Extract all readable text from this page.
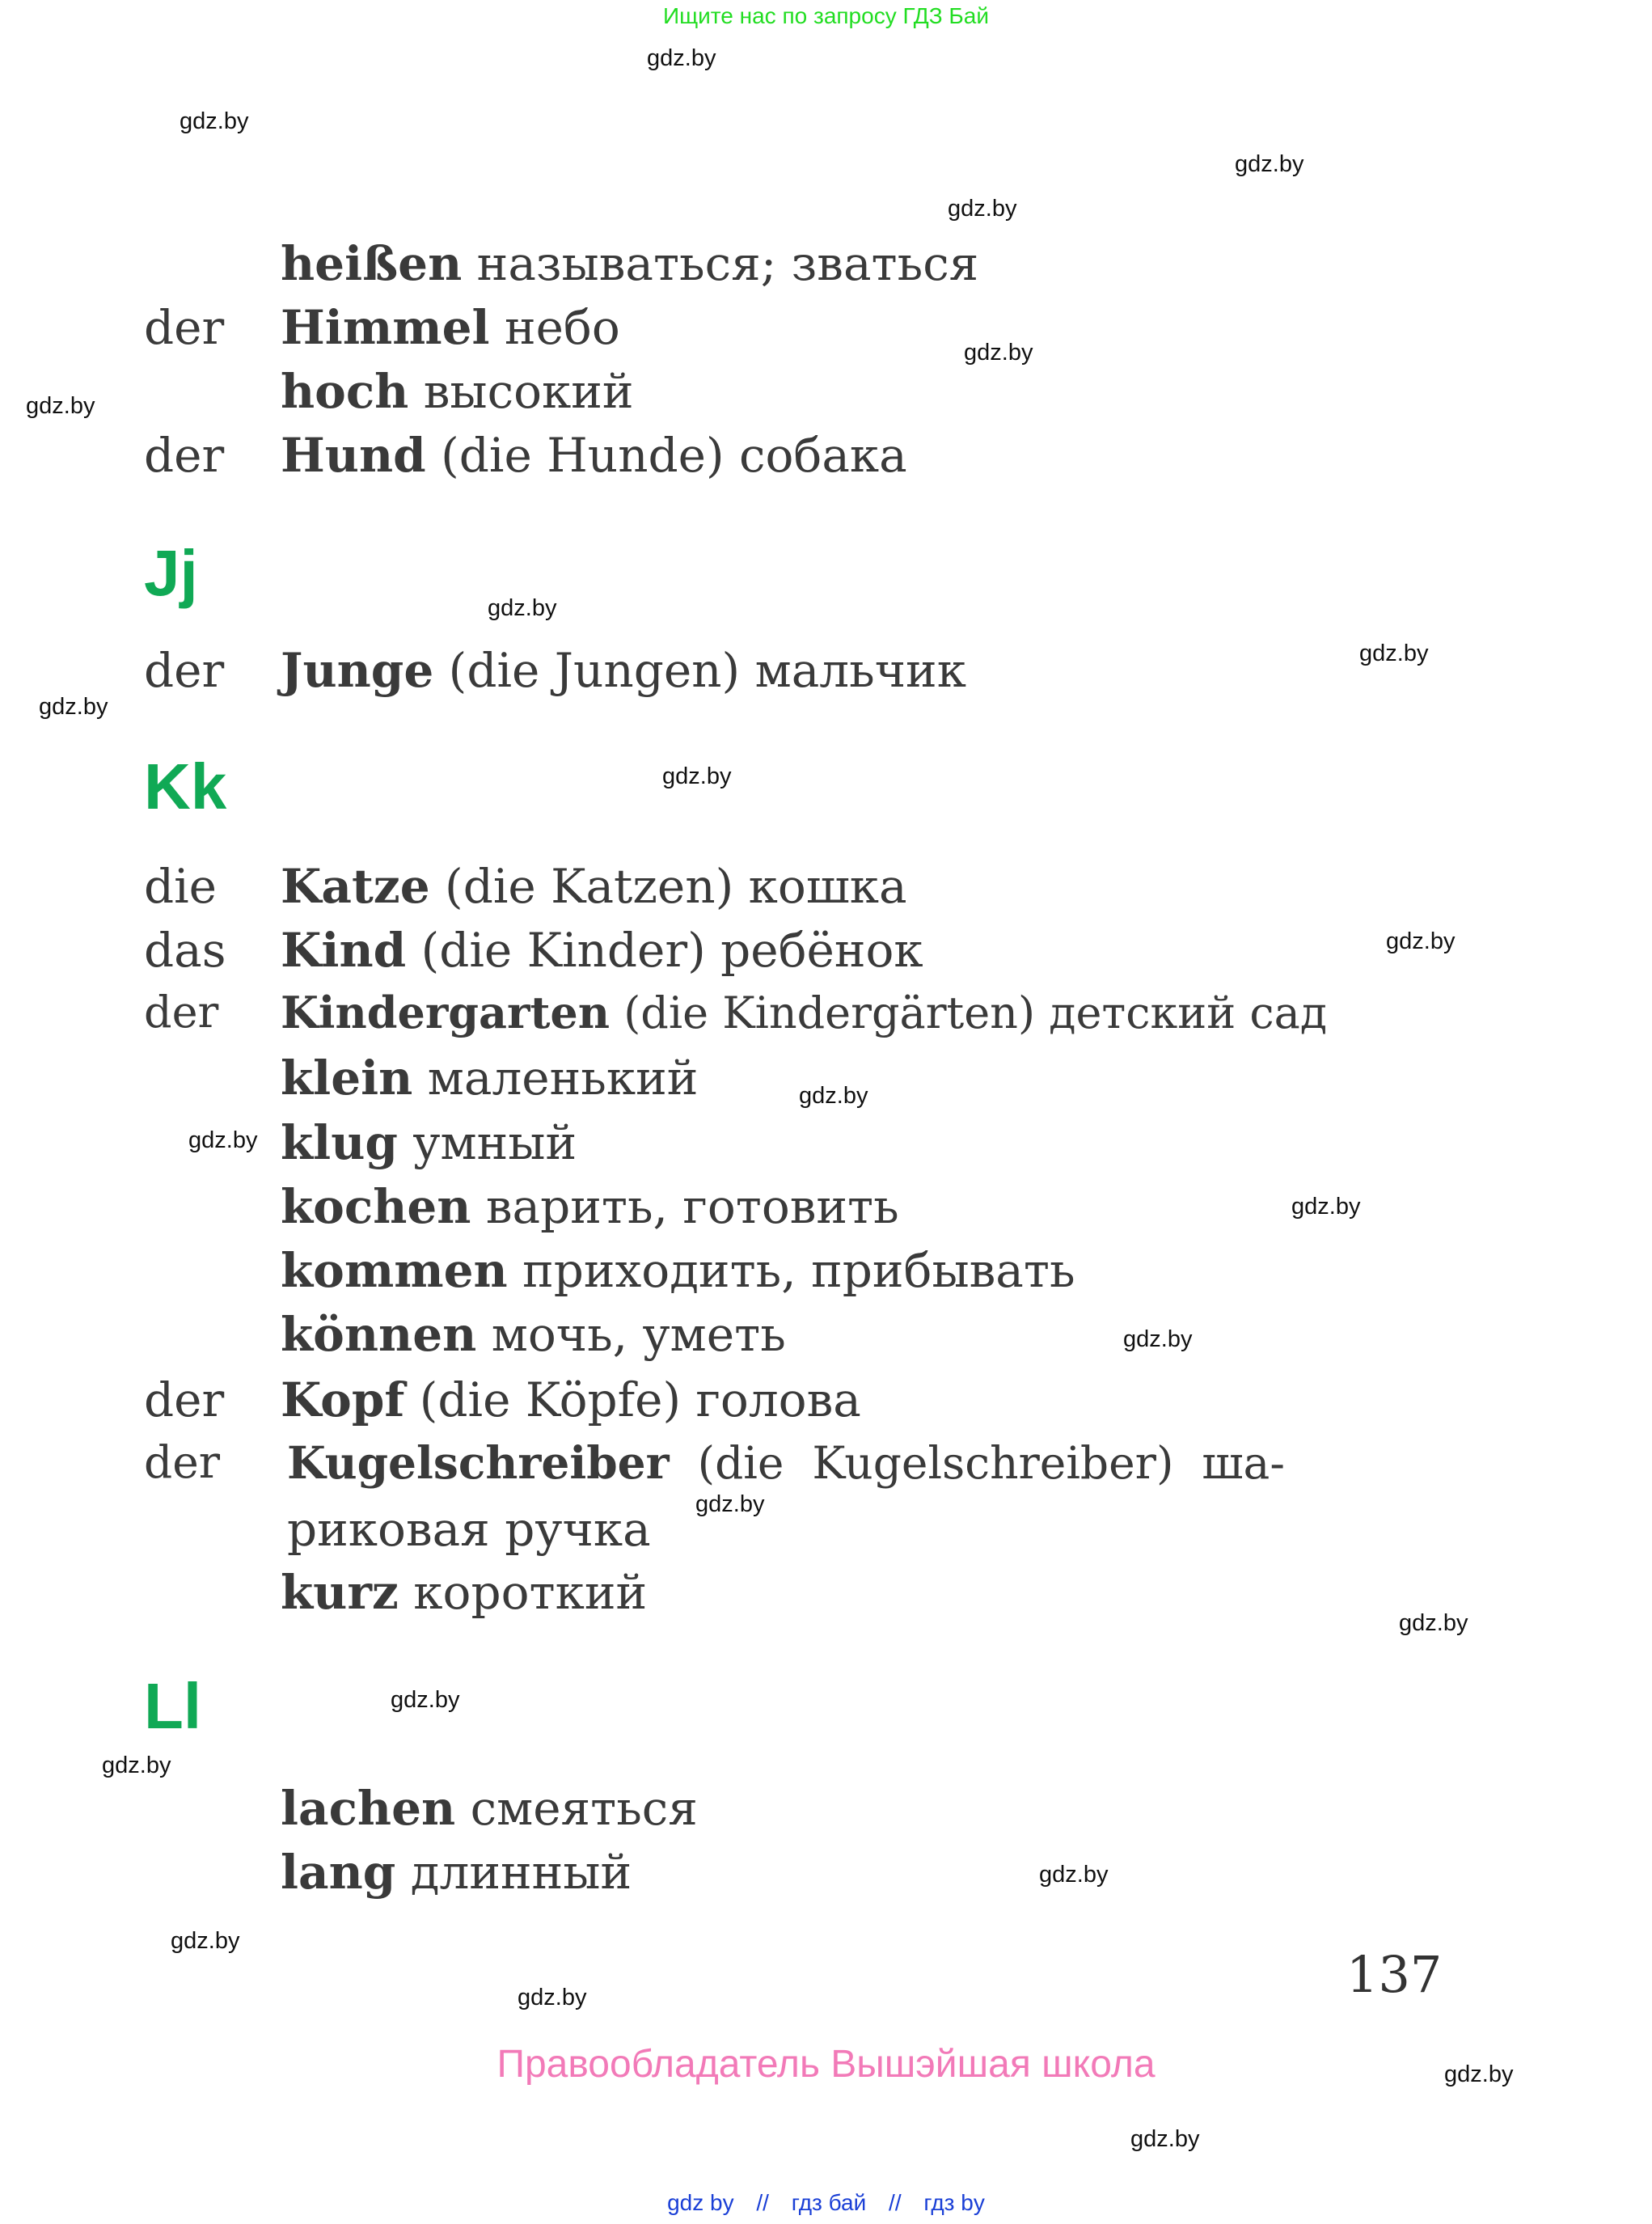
Ищите нас по запросу ГДЗ Бай
gdz.by
gdz.by
gdz.by
gdz.by
gdz.by
gdz.by
gdz.by
gdz.by
gdz.by
gdz.by
gdz.by
gdz.by
gdz.by
gdz.by
gdz.by
gdz.by
gdz.by
gdz.by
gdz.by
gdz.by
gdz.by
gdz.by
gdz.by
gdz.by
heißen называться; зваться
der Himmel небо
hoch высокий
der Hund (die Hunde) собака
Jj
der Junge (die Jungen) мальчик
Kk
die Katze (die Katzen) кошка
das Kind (die Kinder) ребёнок
der Kindergarten (die Kindergärten) детский сад
klein маленький
klug умный
kochen варить, готовить
kommen приходить, прибывать
können мочь, уметь
der Kopf (die Köpfe) голова
der Kugelschreiber  (die  Kugelschreiber)  ша-
риковая ручка
kurz короткий
Ll
lachen смеяться
lang длинный
137
Правообладатель Вышэйшая школа
gdz by // гдз бай // гдз by
